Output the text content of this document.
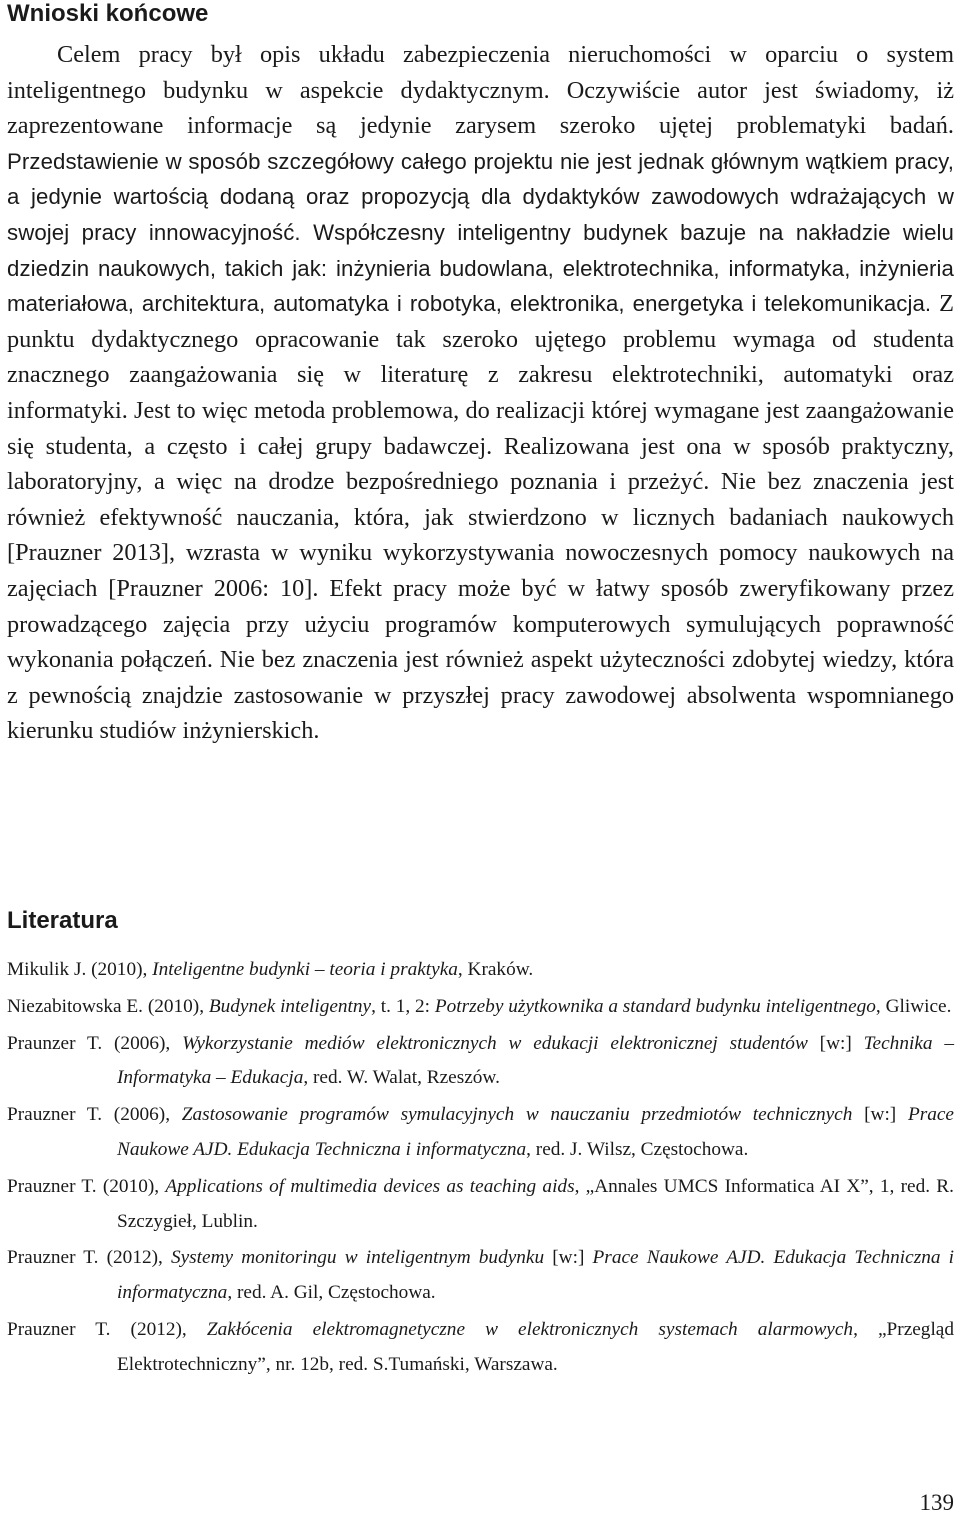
Wnioski końcowe

Celem pracy był opis układu zabezpieczenia nieruchomości w oparciu o system inteligentnego budynku w aspekcie dydaktycznym. Oczywiście autor jest świadomy, iż zaprezentowane informacje są jedynie zarysem szeroko ujętej problematyki badań. Przedstawienie w sposób szczegółowy całego projektu nie jest jednak głównym wątkiem pracy, a jedynie wartością dodaną oraz propozycją dla dydaktyków zawodowych wdrażających w swojej pracy innowacyjność. Współczesny inteligentny budynek bazuje na nakładzie wielu dziedzin naukowych, takich jak: inżynieria budowlana, elektrotechnika, informatyka, inżynieria materiałowa, architektura, automatyka i robotyka, elektronika, energetyka i telekomunikacja. Z punktu dydaktycznego opracowanie tak szeroko ujętego problemu wymaga od studenta znacznego zaangażowania się w literaturę z zakresu elektrotechniki, automatyki oraz informatyki. Jest to więc metoda problemowa, do realizacji której wymagane jest zaangażowanie się studenta, a często i całej grupy badawczej. Realizowana jest ona w sposób praktyczny, laboratoryjny, a więc na drodze bezpośredniego poznania i przeżyć. Nie bez znaczenia jest również efektywność nauczania, która, jak stwierdzono w licznych badaniach naukowych [Prauzner 2013], wzrasta w wyniku wykorzystywania nowoczesnych pomocy naukowych na zajęciach [Prauzner 2006: 10]. Efekt pracy może być w łatwy sposób zweryfikowany przez prowadzącego zajęcia przy użyciu programów komputerowych symulujących poprawność wykonania połączeń. Nie bez znaczenia jest również aspekt użyteczności zdobytej wiedzy, która z pewnością znajdzie zastosowanie w przyszłej pracy zawodowej absolwenta wspomnianego kierunku studiów inżynierskich.

Literatura
Mikulik J. (2010), Inteligentne budynki – teoria i praktyka, Kraków.
Niezabitowska E. (2010), Budynek inteligentny, t. 1, 2: Potrzeby użytkownika a standard budynku inteligentnego, Gliwice.
Praunzer T. (2006), Wykorzystanie mediów elektronicznych w edukacji elektronicznej studentów [w:] Technika – Informatyka – Edukacja, red. W. Walat, Rzeszów.
Prauzner T. (2006), Zastosowanie programów symulacyjnych w nauczaniu przedmiotów technicznych [w:] Prace Naukowe AJD. Edukacja Techniczna i informatyczna, red. J. Wilsz, Częstochowa.
Prauzner T. (2010), Applications of multimedia devices as teaching aids, „Annales UMCS Informatica AI X”, 1, red. R. Szczygieł, Lublin.
Prauzner T. (2012), Systemy monitoringu w inteligentnym budynku [w:] Prace Naukowe AJD. Edukacja Techniczna i informatyczna, red. A. Gil, Częstochowa.
Prauzner T. (2012), Zakłócenia elektromagnetyczne w elektronicznych systemach alarmowych, „Przegląd Elektrotechniczny”, nr. 12b, red. S.Tumański, Warszawa.
139
